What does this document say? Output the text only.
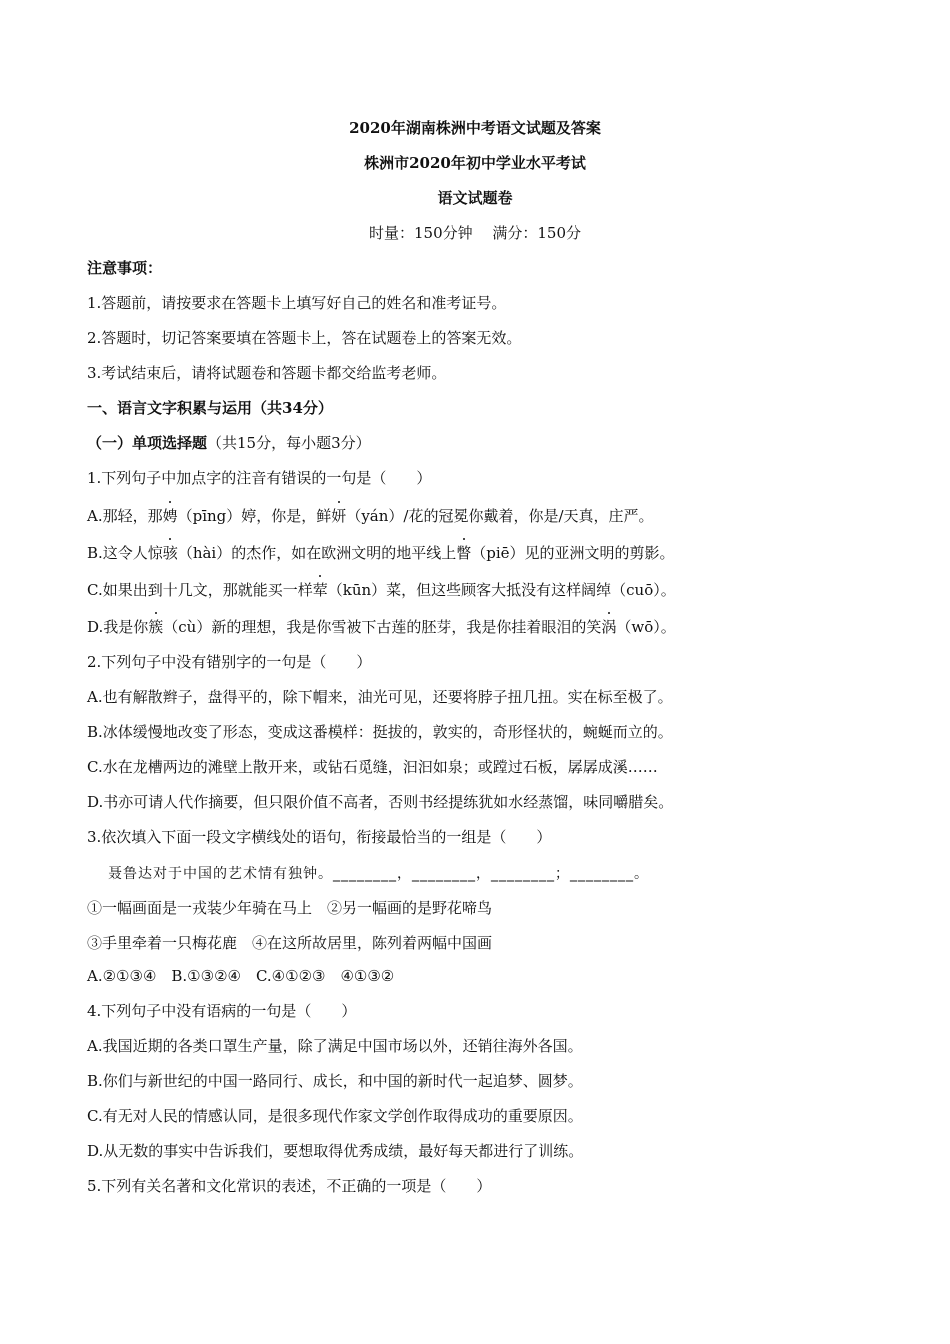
2020年湖南株洲中考语文试题及答案
株洲市2020年初中学业水平考试
语文试题卷
时量：150分钟　 满分：150分
注意事项：
1.答题前，请按要求在答题卡上填写好自己的姓名和准考证号。
2.答题时，切记答案要填在答题卡上，答在试题卷上的答案无效。
3.考试结束后，请将试题卷和答题卡都交给监考老师。
一、语言文字积累与运用（共34分）
（一）单项选择题（共15分，每小题3分）
1.下列句子中加点字的注音有错误的一句是（　　）
A.那轻，那娉（pīng）婷，你是，鲜妍（yán）/花的冠冕你戴着，你是/天真，庄严。
B.这令人惊骇（hài）的杰作，如在欧洲文明的地平线上瞥（piē）见的亚洲文明的剪影。
C.如果出到十几文，那就能买一样荤（kūn）菜，但这些顾客大抵没有这样阔绰（cuō）。
D.我是你簇（cù）新的理想，我是你雪被下古莲的胚芽，我是你挂着眼泪的笑涡（wō）。
2.下列句子中没有错别字的一句是（　　）
A.也有解散辫子，盘得平的，除下帽来，油光可见，还要将脖子扭几扭。实在标至极了。
B.冰体缓慢地改变了形态，变成这番模样：挺拔的，敦实的，奇形怪状的，蜿蜒而立的。
C.水在龙槽两边的滩壁上散开来，或钻石觅缝，汩汩如泉；或蹚过石板，孱孱成溪……
D.书亦可请人代作摘要，但只限价值不高者，否则书经提练犹如水经蒸馏，味同嚼腊矣。
3.依次填入下面一段文字横线处的语句，衔接最恰当的一组是（　　）
聂鲁达对于中国的艺术情有独钟。________，________，________；________。
①一幅画面是一戎装少年骑在马上　②另一幅画的是野花啼鸟
③手里牵着一只梅花鹿　④在这所故居里，陈列着两幅中国画
A.②①③④　B.①③②④　C.④①②③　④①③②
4.下列句子中没有语病的一句是（　　）
A.我国近期的各类口罩生产量，除了满足中国市场以外，还销往海外各国。
B.你们与新世纪的中国一路同行、成长，和中国的新时代一起追梦、圆梦。
C.有无对人民的情感认同，是很多现代作家文学创作取得成功的重要原因。
D.从无数的事实中告诉我们，要想取得优秀成绩，最好每天都进行了训练。
5.下列有关名著和文化常识的表述，不正确的一项是（　　）
